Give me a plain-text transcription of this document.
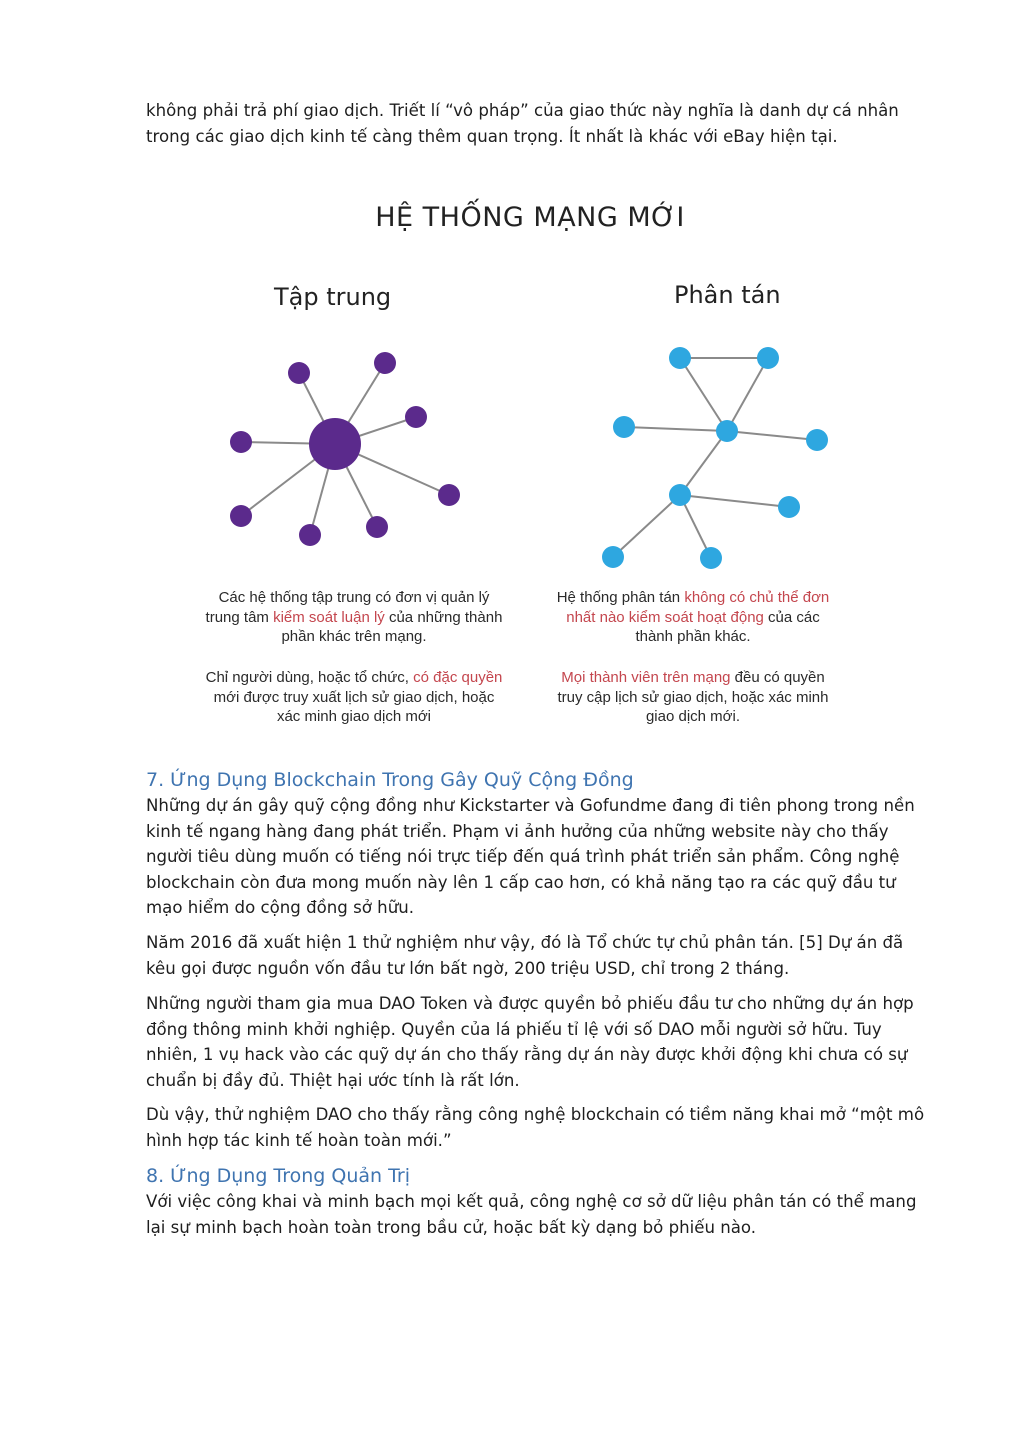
không phải trả phí giao dịch. Triết lí “vô pháp” của giao thức này nghĩa là danh dự cá nhân trong các giao dịch kinh tế càng thêm quan trọng. Ít nhất là khác với eBay hiện tại.

HỆ THỐNG MẠNG MỚI
Tập trung	Phân tán

Các hệ thống tập trung có đơn vị quản lý trung tâm kiểm soát luận lý của những thành phần khác trên mạng.

Chỉ người dùng, hoặc tổ chức, có đặc quyền mới được truy xuất lịch sử giao dịch, hoặc xác minh giao dịch mới

Hệ thống phân tán không có chủ thể đơn nhất nào kiểm soát hoạt động của các thành phần khác.

Mọi thành viên trên mạng đều có quyền truy cập lịch sử giao dịch, hoặc xác minh giao dịch mới.

7. Ứng Dụng Blockchain Trong Gây Quỹ Cộng Đồng

Những dự án gây quỹ cộng đồng như Kickstarter và Gofundme đang đi tiên phong trong nền kinh tế ngang hàng đang phát triển. Phạm vi ảnh hưởng của những website này cho thấy người tiêu dùng muốn có tiếng nói trực tiếp đến quá trình phát triển sản phẩm. Công nghệ blockchain còn đưa mong muốn này lên 1 cấp cao hơn, có khả năng tạo ra các quỹ đầu tư mạo hiểm do cộng đồng sở hữu.

Năm 2016 đã xuất hiện 1 thử nghiệm như vậy, đó là Tổ chức tự chủ phân tán. [5] Dự án đã kêu gọi được nguồn vốn đầu tư lớn bất ngờ, 200 triệu USD, chỉ trong 2 tháng.

Những người tham gia mua DAO Token và được quyền bỏ phiếu đầu tư cho những dự án hợp đồng thông minh khởi nghiệp. Quyền của lá phiếu tỉ lệ với số DAO mỗi người sở hữu. Tuy nhiên, 1 vụ hack vào các quỹ dự án cho thấy rằng dự án này được khởi động khi chưa có sự chuẩn bị đầy đủ. Thiệt hại ước tính là rất lớn.

Dù vậy, thử nghiệm DAO cho thấy rằng công nghệ blockchain có tiềm năng khai mở “một mô hình hợp tác kinh tế hoàn toàn mới.”

8. Ứng Dụng Trong Quản Trị

Với việc công khai và minh bạch mọi kết quả, công nghệ cơ sở dữ liệu phân tán có thể mang lại sự minh bạch hoàn toàn trong bầu cử, hoặc bất kỳ dạng bỏ phiếu nào.
